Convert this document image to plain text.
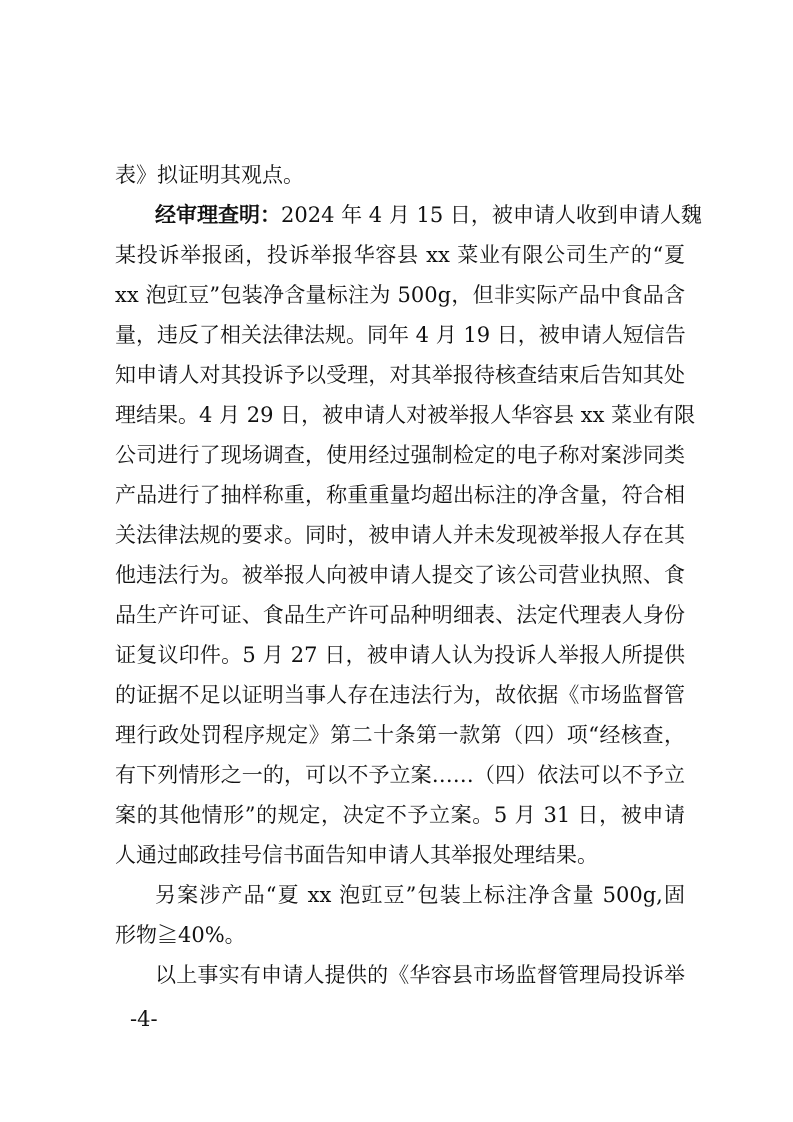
表》拟证明其观点。
经审理查明：2024 年 4 月 15 日，被申请人收到申请人魏
某投诉举报函，投诉举报华容县 xx 菜业有限公司生产的“夏
xx 泡豇豆”包装净含量标注为 500g，但非实际产品中食品含
量，违反了相关法律法规。同年 4 月 19 日，被申请人短信告
知申请人对其投诉予以受理，对其举报待核查结束后告知其处
理结果。4 月 29 日，被申请人对被举报人华容县 xx 菜业有限
公司进行了现场调查，使用经过强制检定的电子称对案涉同类
产品进行了抽样称重，称重重量均超出标注的净含量，符合相
关法律法规的要求。同时，被申请人并未发现被举报人存在其
他违法行为。被举报人向被申请人提交了该公司营业执照、食
品生产许可证、食品生产许可品种明细表、法定代理表人身份
证复议印件。5 月 27 日，被申请人认为投诉人举报人所提供
的证据不足以证明当事人存在违法行为，故依据《市场监督管
理行政处罚程序规定》第二十条第一款第（四）项“经核查，
有下列情形之一的，可以不予立案……（四）依法可以不予立
案的其他情形”的规定，决定不予立案。5 月 31 日，被申请
人通过邮政挂号信书面告知申请人其举报处理结果。
另案涉产品“夏 xx 泡豇豆”包装上标注净含量 500g,固
形物≧40%。
以上事实有申请人提供的《华容县市场监督管理局投诉举
-4-
